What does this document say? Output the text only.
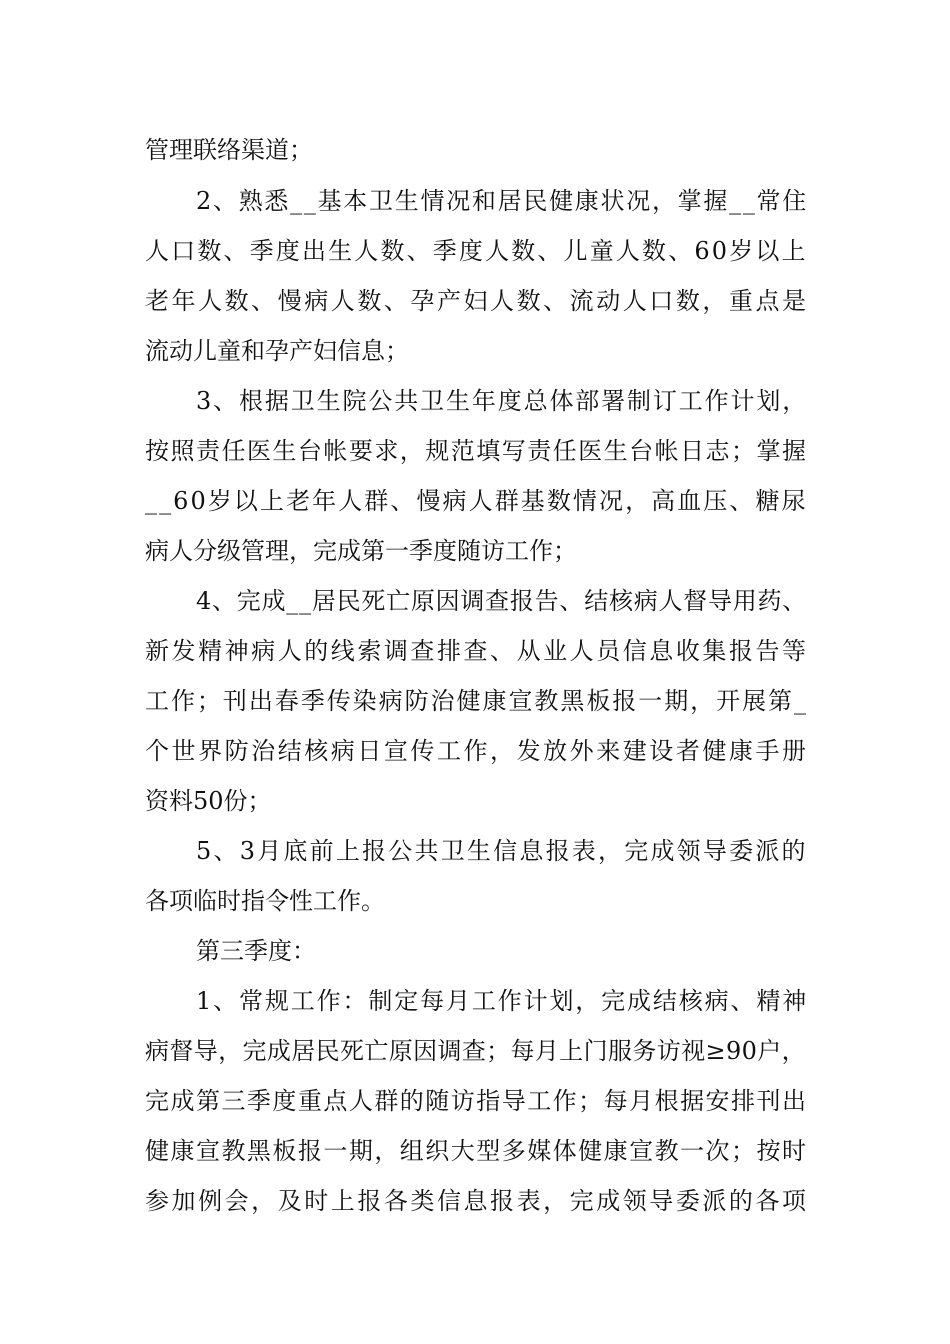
管理联络渠道；
2、熟悉__基本卫生情况和居民健康状况，掌握__常住
人口数、季度出生人数、季度人数、儿童人数、60岁以上
老年人数、慢病人数、孕产妇人数、流动人口数，重点是
流动儿童和孕产妇信息；
3、根据卫生院公共卫生年度总体部署制订工作计划，
按照责任医生台帐要求，规范填写责任医生台帐日志；掌握
__60岁以上老年人群、慢病人群基数情况，高血压、糖尿
病人分级管理，完成第一季度随访工作；
4、完成__居民死亡原因调查报告、结核病人督导用药、
新发精神病人的线索调查排查、从业人员信息收集报告等
工作；刊出春季传染病防治健康宣教黑板报一期，开展第_
个世界防治结核病日宣传工作，发放外来建设者健康手册
资料50份；
5、3月底前上报公共卫生信息报表，完成领导委派的
各项临时指令性工作。
第三季度：
1、常规工作：制定每月工作计划，完成结核病、精神
病督导，完成居民死亡原因调查；每月上门服务访视≥90户，
完成第三季度重点人群的随访指导工作；每月根据安排刊出
健康宣教黑板报一期，组织大型多媒体健康宣教一次；按时
参加例会，及时上报各类信息报表，完成领导委派的各项
